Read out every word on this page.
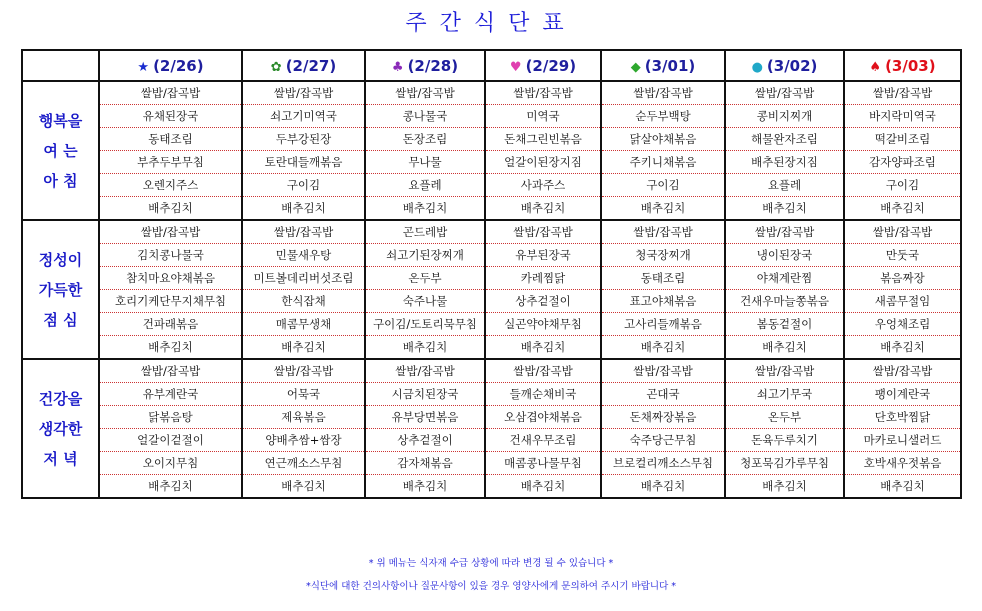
주간식단표
	★ (2/26)	✿ (2/27)	♣ (2/28)	♥ (2/29)	◆ (3/01)	● (3/02)	♠ (3/03)

행복을
여 는
아 침	쌀밥/잡곡밥	쌀밥/잡곡밥	쌀밥/잡곡밥	쌀밥/잡곡밥	쌀밥/잡곡밥	쌀밥/잡곡밥	쌀밥/잡곡밥
	유채된장국	쇠고기미역국	콩나물국	미역국	순두부백탕	콩비지찌개	바지락미역국
	동태조림	두부강된장	돈장조림	돈채그린빈볶음	닭살야채볶음	해물완자조림	떡갈비조림
	부추두부무침	토란대들깨볶음	무나물	얼갈이된장지짐	주키니채볶음	배추된장지짐	감자양파조림
	오렌지주스	구이김	요플레	사과주스	구이김	요플레	구이김
	배추김치	배추김치	배추김치	배추김치	배추김치	배추김치	배추김치

정성이
가득한
점 심	쌀밥/잡곡밥	쌀밥/잡곡밥	곤드레밥	쌀밥/잡곡밥	쌀밥/잡곡밥	쌀밥/잡곡밥	쌀밥/잡곡밥
	김치콩나물국	민물새우탕	쇠고기된장찌개	유부된장국	청국장찌개	냉이된장국	만둣국
	참치마요야채볶음	미트볼데리버섯조림	온두부	카레찜닭	동태조림	야채계란찜	볶음짜장
	호리기케단무지채무침	한식잡채	숙주나물	상추겉절이	표고야채볶음	건새우마늘쫑볶음	새콤무절임
	건파래볶음	매콤무생채	구이김/도토리묵무침	실곤약야채무침	고사리들깨볶음	봄동겉절이	우엉채조림
	배추김치	배추김치	배추김치	배추김치	배추김치	배추김치	배추김치

건강을
생각한
저 녁	쌀밥/잡곡밥	쌀밥/잡곡밥	쌀밥/잡곡밥	쌀밥/잡곡밥	쌀밥/잡곡밥	쌀밥/잡곡밥	쌀밥/잡곡밥
	유부계란국	어묵국	시금치된장국	들깨순채비국	곤대국	쇠고기무국	팽이계란국
	닭볶음탕	제육볶음	유부당면볶음	오삼겹야채볶음	돈채짜장볶음	온두부	단호박찜닭
	얼갈이겉절이	양배추쌈+쌈장	상추겉절이	건새우무조림	숙주당근무침	돈육두루치기	마카로니샐러드
	오이지무침	연근깨소스무침	감자채볶음	매콤콩나물무침	브로컬리깨소스무침	청포묵김가루무침	호박새우젓볶음
	배추김치	배추김치	배추김치	배추김치	배추김치	배추김치	배추김치
* 위 메뉴는 식자재 수급 상황에 따라 변경 될 수 있습니다 *
*식단에 대한 건의사항이나 질문사항이 있을 경우 영양사에게 문의하여 주시기 바랍니다 *
